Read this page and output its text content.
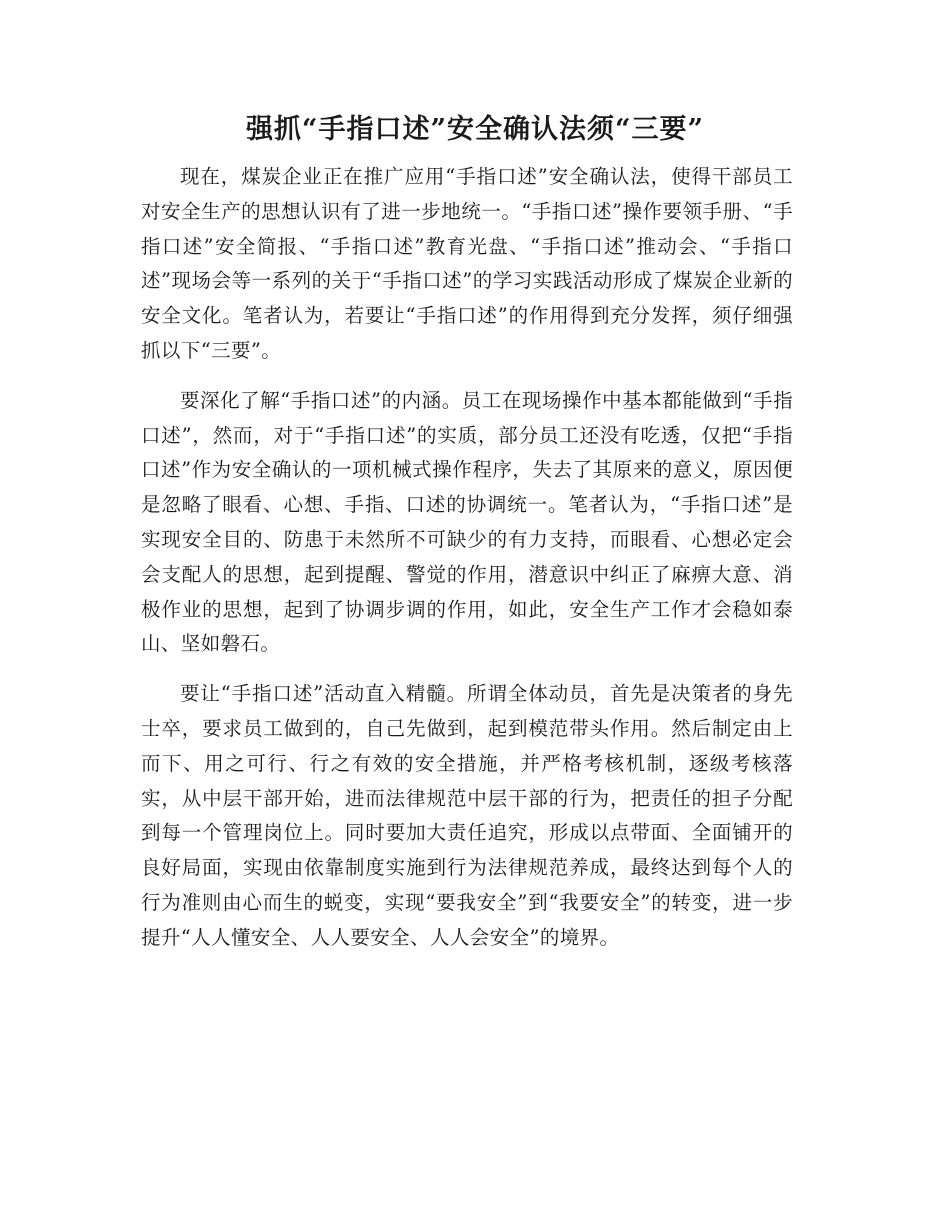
强抓“手指口述”安全确认法须“三要”

现在，煤炭企业正在推广应用“手指口述”安全确认法，使得干部员工对安全生产的思想认识有了进一步地统一。“手指口述”操作要领手册、“手指口述”安全简报、“手指口述”教育光盘、“手指口述”推动会、“手指口述”现场会等一系列的关于“手指口述”的学习实践活动形成了煤炭企业新的安全文化。笔者认为，若要让“手指口述”的作用得到充分发挥，须仔细强抓以下“三要”。

要深化了解“手指口述”的内涵。员工在现场操作中基本都能做到“手指口述”，然而，对于“手指口述”的实质，部分员工还没有吃透，仅把“手指口述”作为安全确认的一项机械式操作程序，失去了其原来的意义，原因便是忽略了眼看、心想、手指、口述的协调统一。笔者认为，“手指口述”是实现安全目的、防患于未然所不可缺少的有力支持，而眼看、心想必定会会支配人的思想，起到提醒、警觉的作用，潜意识中纠正了麻痹大意、消极作业的思想，起到了协调步调的作用，如此，安全生产工作才会稳如泰山、坚如磐石。

要让“手指口述”活动直入精髓。所谓全体动员，首先是决策者的身先士卒，要求员工做到的，自己先做到，起到模范带头作用。然后制定由上而下、用之可行、行之有效的安全措施，并严格考核机制，逐级考核落实，从中层干部开始，进而法律规范中层干部的行为，把责任的担子分配到每一个管理岗位上。同时要加大责任追究，形成以点带面、全面铺开的良好局面，实现由依靠制度实施到行为法律规范养成，最终达到每个人的行为准则由心而生的蜕变，实现“要我安全”到“我要安全”的转变，进一步提升“人人懂安全、人人要安全、人人会安全”的境界。
